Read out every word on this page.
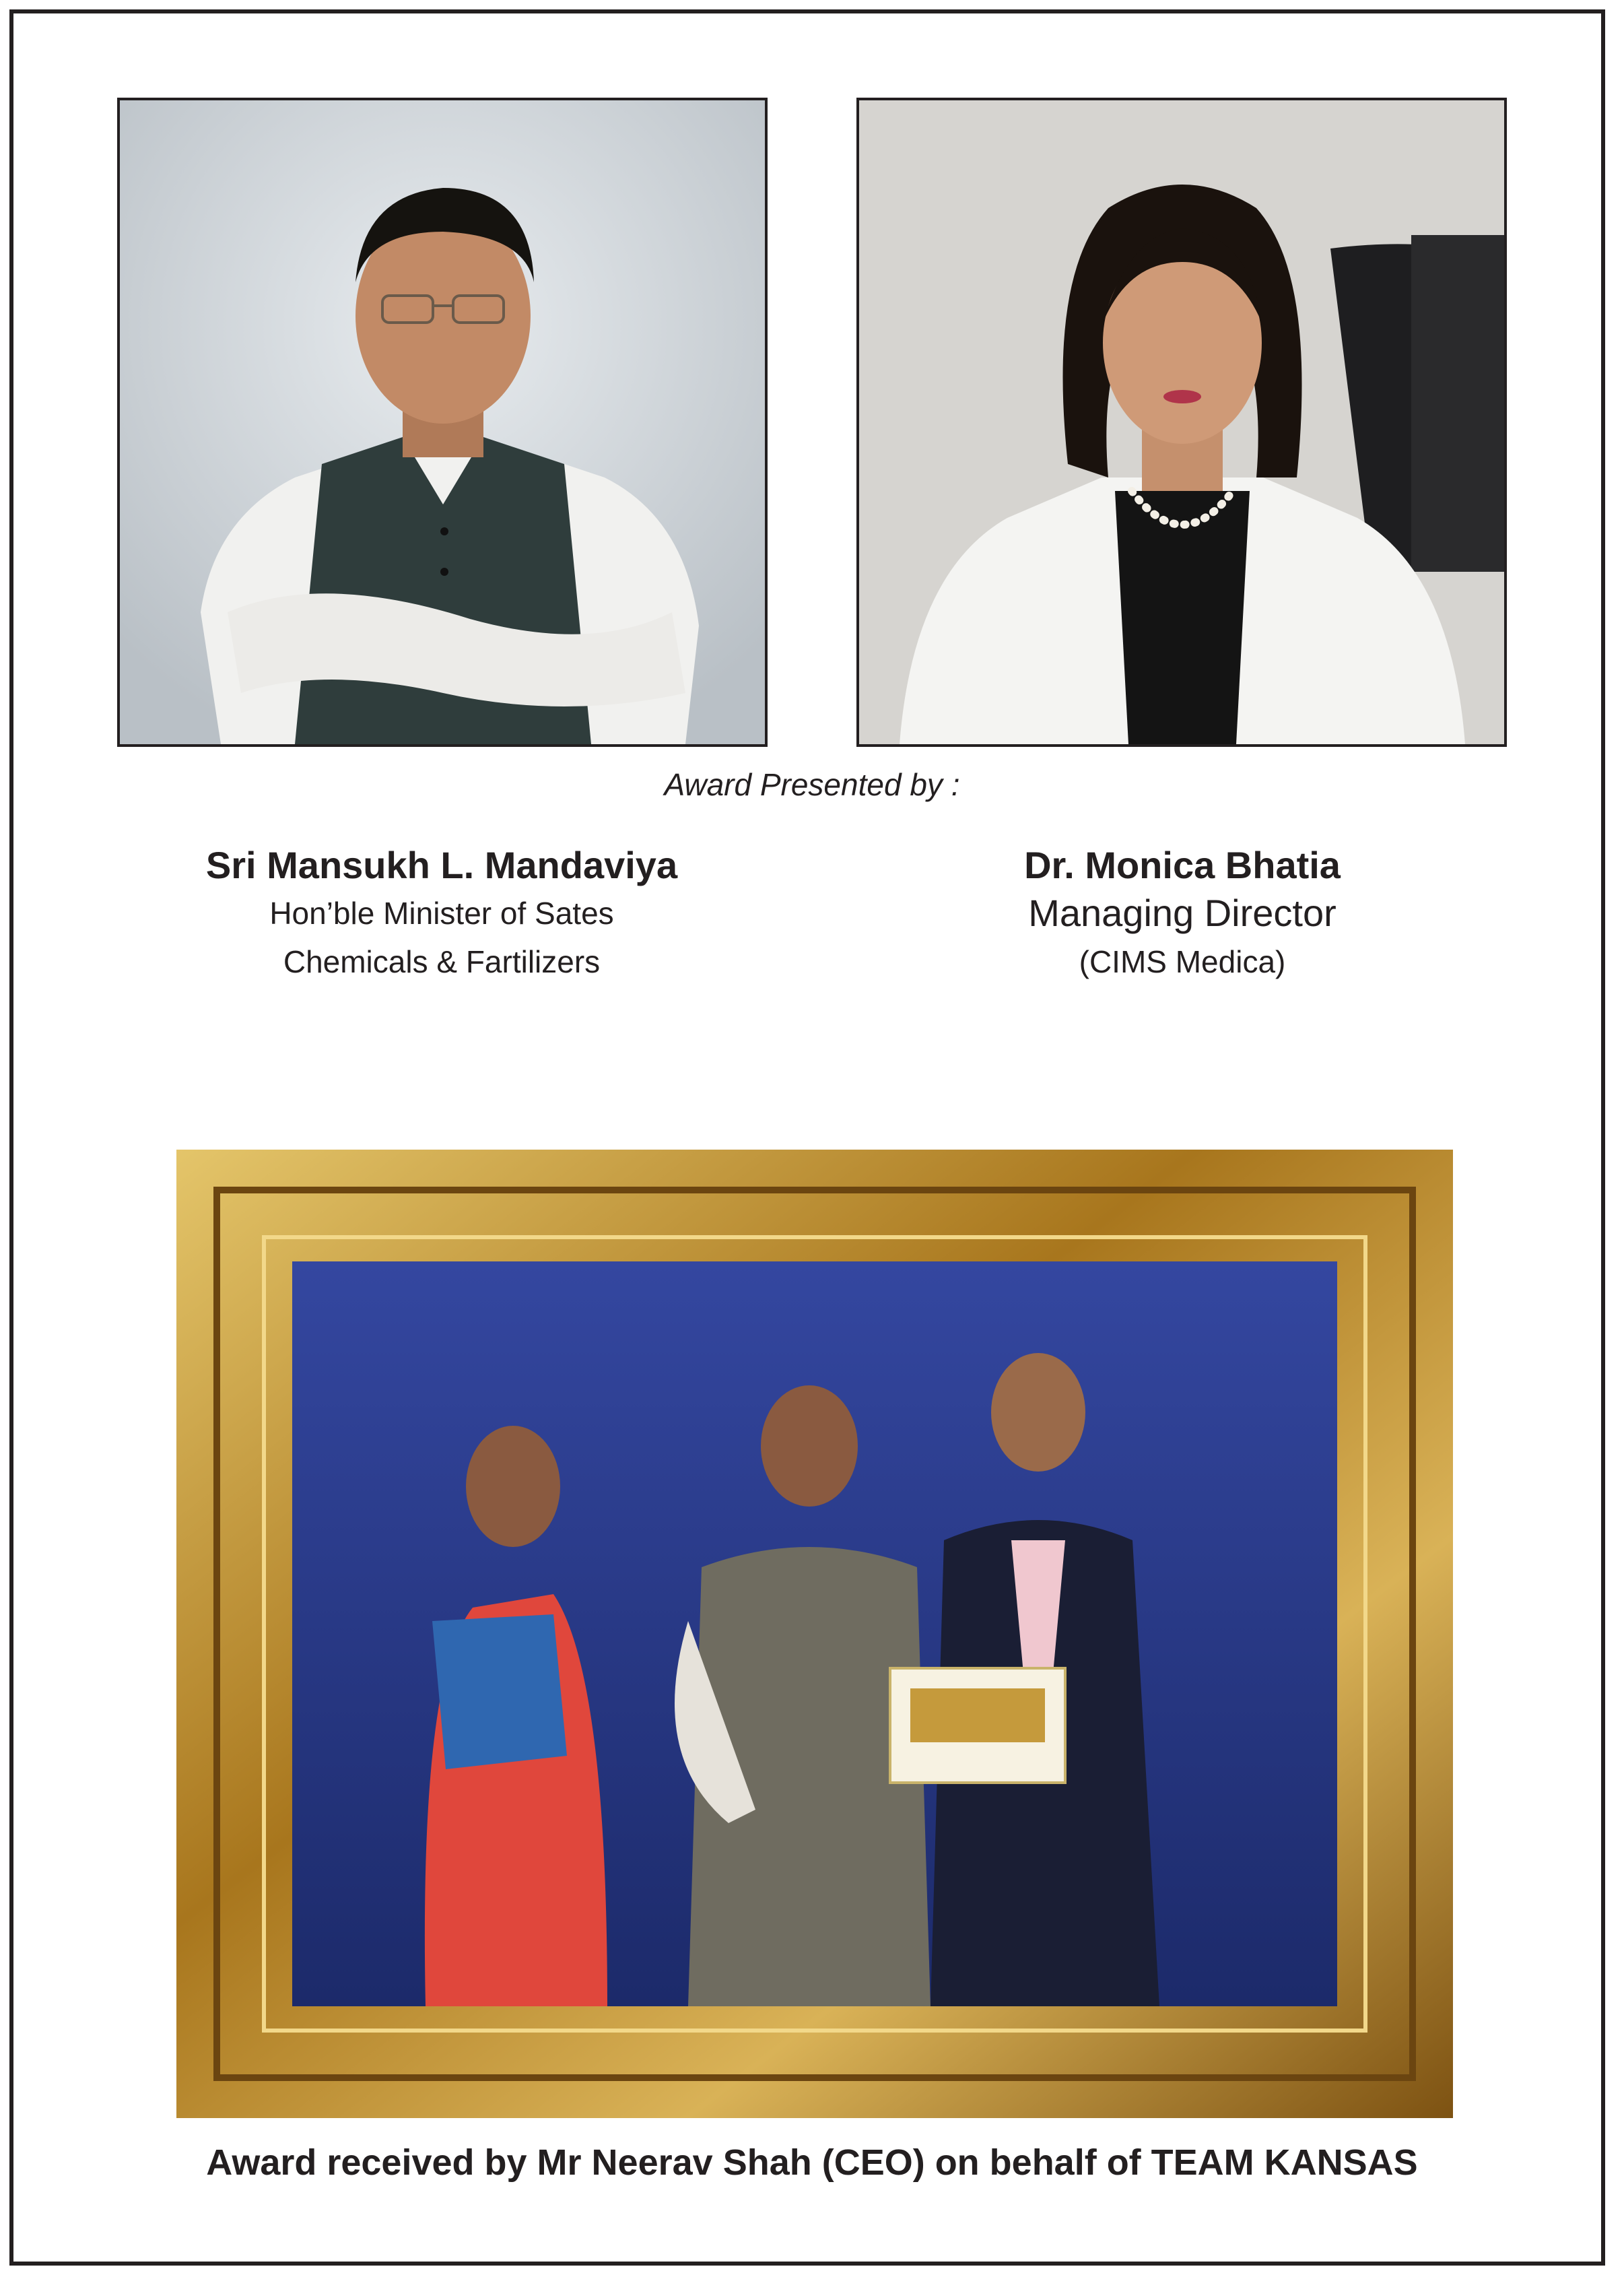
Award Presented by :
Sri Mansukh L. Mandaviya
Hon’ble Minister of Sates
Chemicals & Fartilizers
Dr. Monica Bhatia
Managing Director
(CIMS Medica)
Award received by Mr Neerav Shah (CEO) on behalf of TEAM KANSAS
